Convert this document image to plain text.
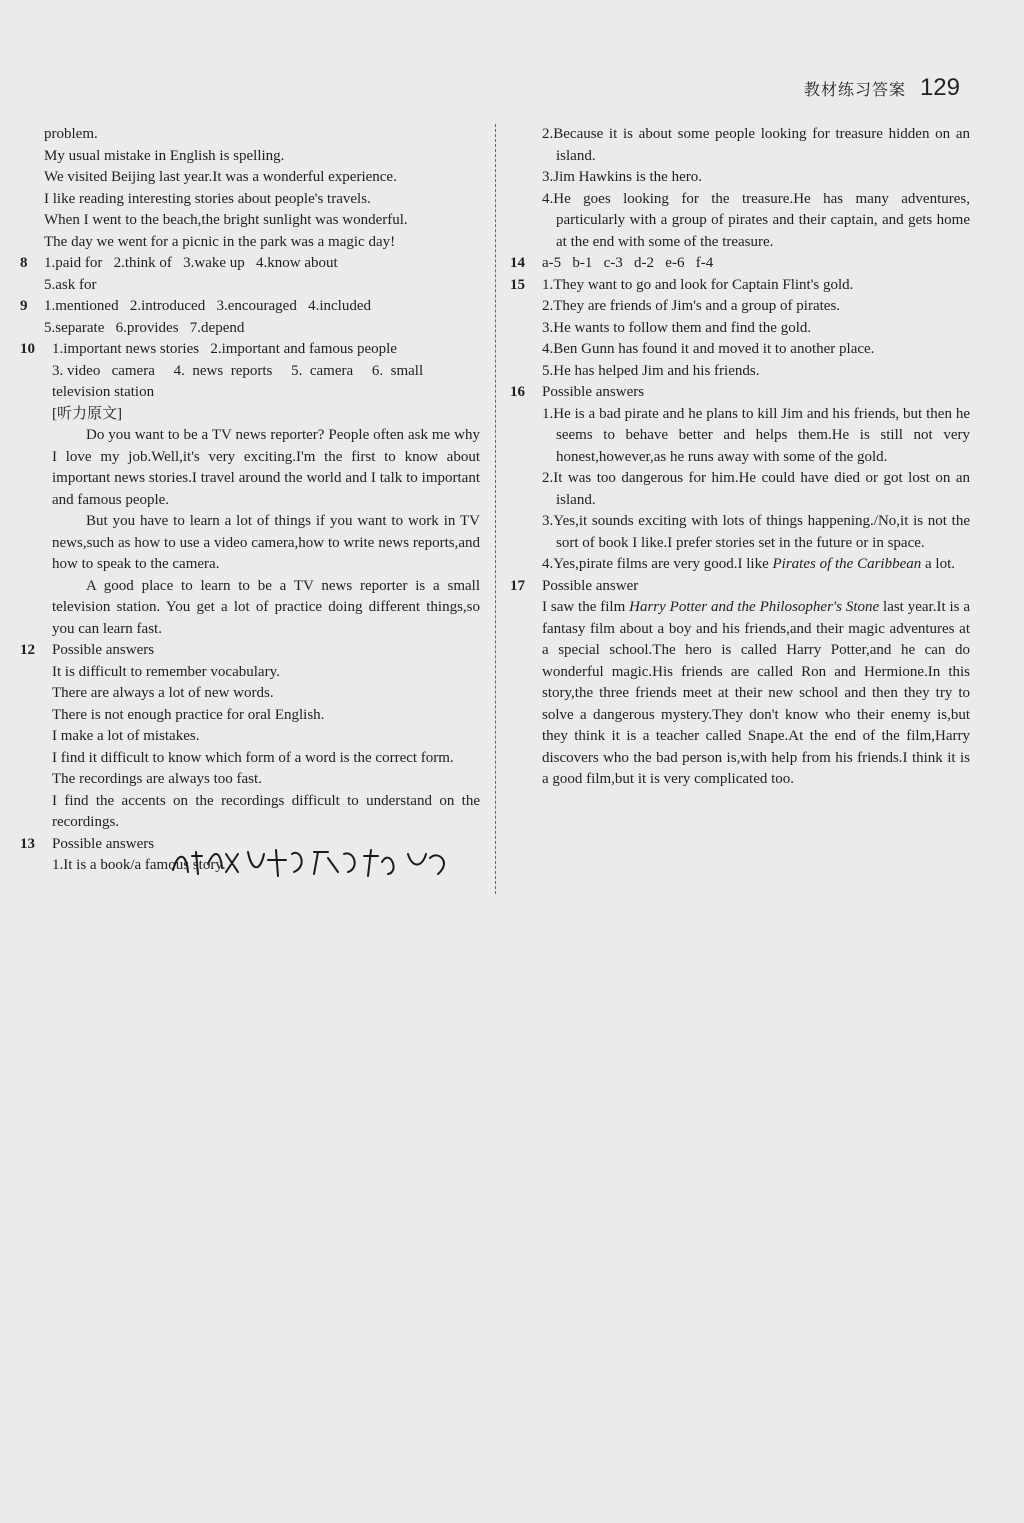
教材练习答案 129
problem.
My usual mistake in English is spelling.
We visited Beijing last year.It was a wonderful experience.
I like reading interesting stories about people's travels.
When I went to the beach,the bright sunlight was wonderful.
The day we went for a picnic in the park was a magic day!
8 1.paid for   2.think of   3.wake up   4.know about
5.ask for
9 1.mentioned   2.introduced   3.encouraged   4.included
5.separate   6.provides   7.depend
10 1.important news stories   2.important and famous people
3. video   camera     4.  news  reports     5.  camera     6.  small
television station
[听力原文]
Do you want to be a TV news reporter? People often ask me why I love my job.Well,it's very exciting.I'm the first to know about important news stories.I travel around the world and I talk to important and famous people.
But you have to learn a lot of things if you want to work in TV news,such as how to use a video camera,how to write news reports,and how to speak to the camera.
A good place to learn to be a TV news reporter is a small television station. You get a lot of practice doing different things,so you can learn fast.
12 Possible answers
It is difficult to remember vocabulary.
There are always a lot of new words.
There is not enough practice for oral English.
I make a lot of mistakes.
I find it difficult to know which form of a word is the correct form.
The recordings are always too fast.
I find the accents on the recordings difficult to understand on the recordings.
13 Possible answers
1.It is a book/a famous story.
2.Because it is about some people looking for treasure hidden on an island.
3.Jim Hawkins is the hero.
4.He goes looking for the treasure.He has many adventures, particularly with a group of pirates and their captain, and gets home at the end with some of the treasure.
14 a-5   b-1   c-3   d-2   e-6   f-4
15 1.They want to go and look for Captain Flint's gold.
2.They are friends of Jim's and a group of pirates.
3.He wants to follow them and find the gold.
4.Ben Gunn has found it and moved it to another place.
5.He has helped Jim and his friends.
16 Possible answers
1.He is a bad pirate and he plans to kill Jim and his friends, but then he seems to behave better and helps them.He is still not very honest,however,as he runs away with some of the gold.
2.It was too dangerous for him.He could have died or got lost on an island.
3.Yes,it sounds exciting with lots of things happening./No,it is not the sort of book I like.I prefer stories set in the future or in space.
4.Yes,pirate films are very good.I like Pirates of the Caribbean a lot.
17 Possible answer
I saw the film Harry Potter and the Philosopher's Stone last year.It is a fantasy film about a boy and his friends,and their magic adventures at a special school.The hero is called Harry Potter,and he can do wonderful magic.His friends are called Ron and Hermione.In this story,the three friends meet at their new school and then they try to solve a dangerous mystery.They don't know who their enemy is,but they think it is a teacher called Snape.At the end of the film,Harry discovers who the bad person is,with help from his friends.I think it is a good film,but it is very complicated too.
